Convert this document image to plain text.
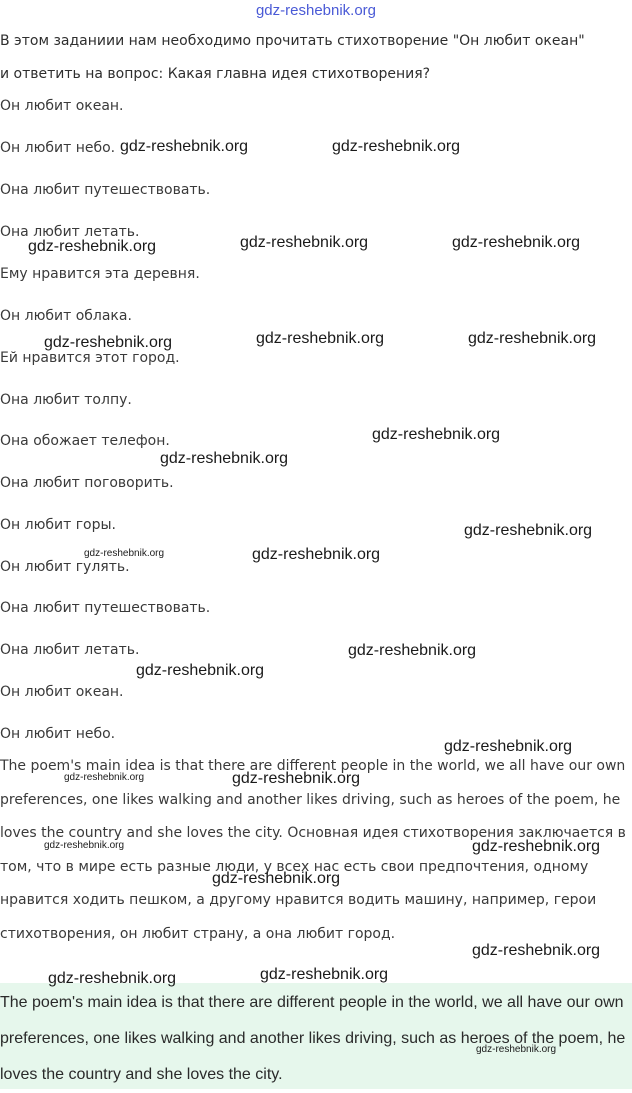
gdz-reshebnik.org
В этом заданиии нам необходимо прочитать стихотворение "Он любит океан"
и ответить на вопрос: Какая главна идея стихотворения?
Он любит океан.
Он любит небо.
Она любит путешествовать.
Она любит летать.
Ему нравится эта деревня.
Он любит облака.
Ей нравится этот город.
Она любит толпу.
Она обожает телефон.
Она любит поговорить.
Он любит горы.
Он любит гулять.
Она любит путешествовать.
Она любит летать.
Он любит океан.
Он любит небо.
The poem's main idea is that there are different people in the world, we all have our own preferences, one likes walking and another likes driving, such as heroes of the poem, he loves the country and she loves the city. Основная идея стихотворения заключается в том, что в мире есть разные люди, у всех нас есть свои предпочтения, одному нравится ходить пешком, а другому нравится водить машину, например, герои стихотворения, он любит страну, а она любит город.
The poem's main idea is that there are different people in the world, we all have our own preferences, one likes walking and another likes driving, such as heroes of the poem, he loves the country and she loves the city.
gdz-reshebnik.org	gdz-reshebnik.org
gdz-reshebnik.org	gdz-reshebnik.org	gdz-reshebnik.org
gdz-reshebnik.org	gdz-reshebnik.org	gdz-reshebnik.org
gdz-reshebnik.org
gdz-reshebnik.org
gdz-reshebnik.org
gdz-reshebnik.org	gdz-reshebnik.org
gdz-reshebnik.org
gdz-reshebnik.org
gdz-reshebnik.org
gdz-reshebnik.org	gdz-reshebnik.org
gdz-reshebnik.org	gdz-reshebnik.org
gdz-reshebnik.org
gdz-reshebnik.org
gdz-reshebnik.org	gdz-reshebnik.org
gdz-reshebnik.org
